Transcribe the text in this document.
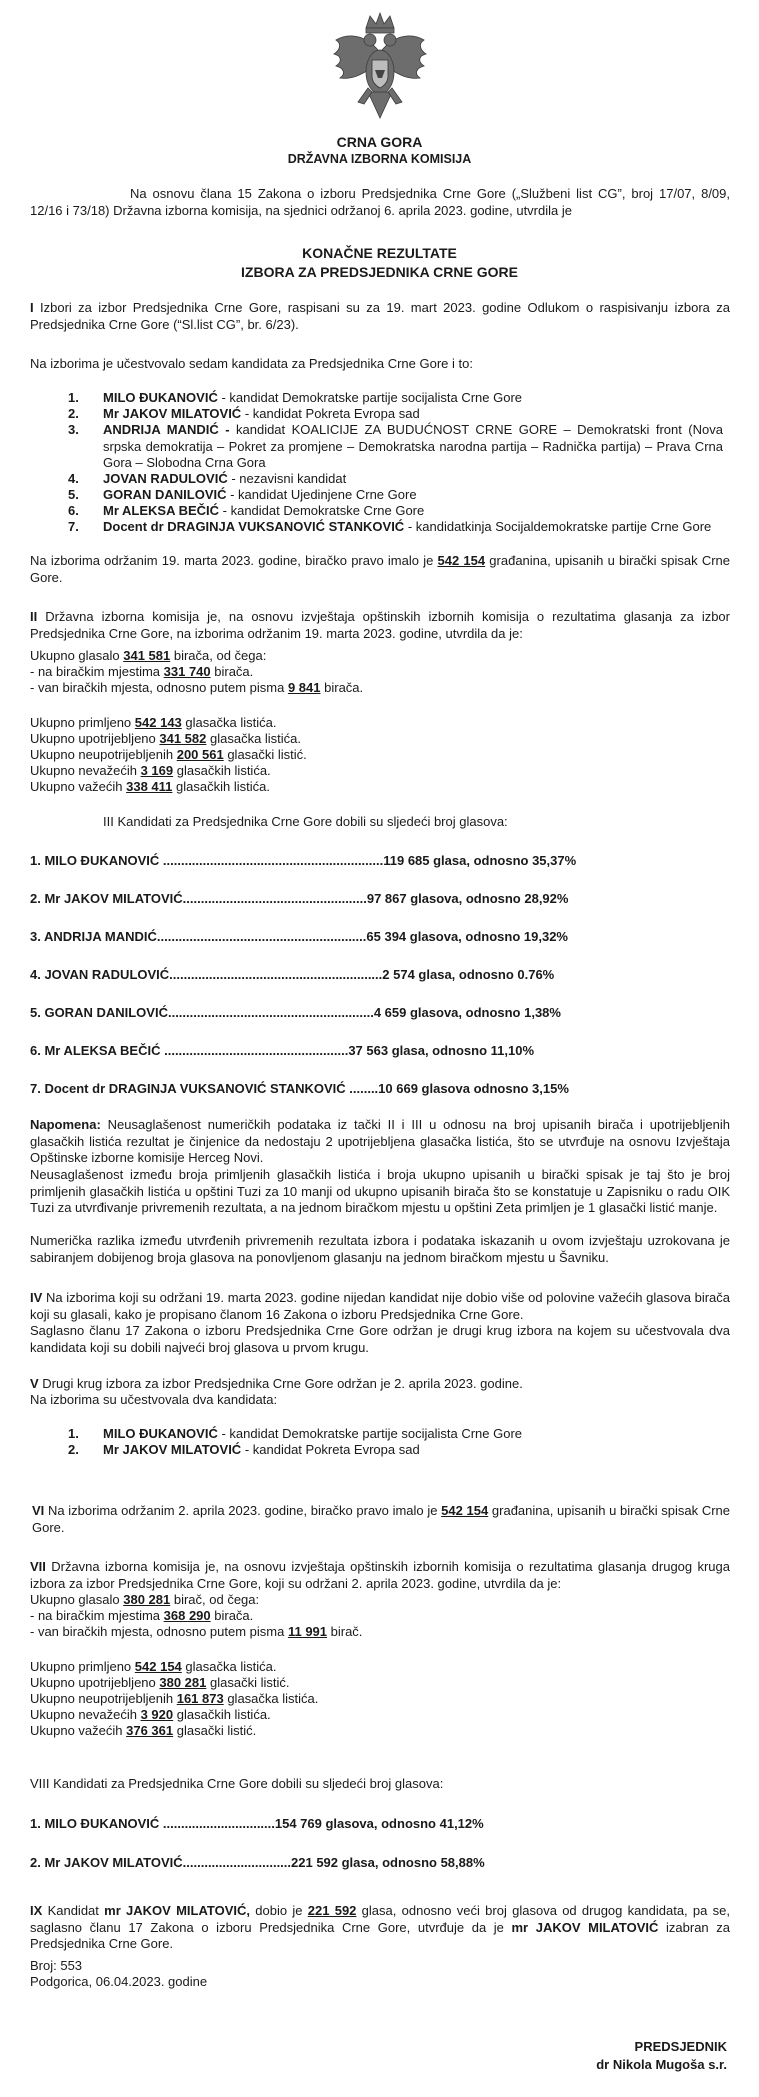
CRNA GORA
DRŽAVNA IZBORNA KOMISIJA
Na osnovu člana 15 Zakona o izboru Predsjednika Crne Gore („Službeni list CG”, broj 17/07, 8/09, 12/16 i 73/18) Državna izborna komisija, na sjednici održanoj 6. aprila 2023. godine, utvrdila je
KONAČNE REZULTATE
IZBORA ZA PREDSJEDNIKA CRNE GORE
I Izbori za izbor Predsjednika Crne Gore, raspisani su za 19. mart 2023. godine Odlukom o raspisivanju izbora za Predsjednika Crne Gore (“Sl.list CG”, br. 6/23).
Na izborima je učestvovalo sedam kandidata za Predsjednika Crne Gore i to:
1. MILO ĐUKANOVIĆ - kandidat Demokratske partije socijalista Crne Gore
2. Mr JAKOV MILATOVIĆ - kandidat Pokreta Evropa sad
3. ANDRIJA MANDIĆ - kandidat KOALICIJE ZA BUDUĆNOST CRNE GORE – Demokratski front (Nova srpska demokratija – Pokret za promjene – Demokratska narodna partija – Radnička partija) – Prava Crna Gora – Slobodna Crna Gora
4. JOVAN RADULOVIĆ - nezavisni kandidat
5. GORAN DANILOVIĆ - kandidat Ujedinjene Crne Gore
6. Mr ALEKSA BEČIĆ - kandidat Demokratske Crne Gore
7. Docent dr DRAGINJA VUKSANOVIĆ STANKOVIĆ - kandidatkinja Socijaldemokratske partije Crne Gore
Na izborima održanim 19. marta 2023. godine, biračko pravo imalo je 542 154 građanina, upisanih u birački spisak Crne Gore.
II Državna izborna komisija je, na osnovu izvještaja opštinskih izbornih komisija o rezultatima glasanja za izbor Predsjednika Crne Gore, na izborima održanim 19. marta 2023. godine, utvrdila da je:
Ukupno glasalo 341 581 birača, od čega:
- na biračkim mjestima 331 740 birača.
- van biračkih mjesta, odnosno putem pisma 9 841 birača.
Ukupno primljeno 542 143 glasačka listića.
Ukupno upotrijebljeno 341 582 glasačka listića.
Ukupno neupotrijebljenih 200 561 glasački listić.
Ukupno nevažećih 3 169 glasačkih listića.
Ukupno važećih 338 411 glasačkih listića.
III Kandidati za Predsjednika Crne Gore dobili su sljedeći broj glasova:
1. MILO ĐUKANOVIĆ .............................................................119 685 glasa, odnosno 35,37%
2. Mr JAKOV MILATOVIĆ...................................................97 867 glasova, odnosno 28,92%
3. ANDRIJA MANDIĆ..........................................................65 394 glasova, odnosno 19,32%
4. JOVAN RADULOVIĆ...........................................................2 574 glasa, odnosno 0.76%
5. GORAN DANILOVIĆ.........................................................4 659 glasova, odnosno 1,38%
6. Mr ALEKSA BEČIĆ ...................................................37 563 glasa, odnosno 11,10%
7. Docent dr DRAGINJA VUKSANOVIĆ STANKOVIĆ ........10 669 glasova odnosno 3,15%
Napomena: Neusaglašenost numeričkih podataka iz tački II i III u odnosu na broj upisanih birača i upotrijebljenih glasačkih listića rezultat je činjenice da nedostaju 2 upotrijebljena glasačka listića, što se utvrđuje na osnovu Izvještaja Opštinske izborne komisije Herceg Novi.
Neusaglašenost između broja primljenih glasačkih listića i broja ukupno upisanih u birački spisak je taj što je broj primljenih glasačkih listića u opštini Tuzi za 10 manji od ukupno upisanih birača što se konstatuje u Zapisniku o radu OIK Tuzi za utvrđivanje privremenih rezultata, a na jednom biračkom mjestu u opštini Zeta primljen je 1 glasački listić manje.
Numerička razlika između utvrđenih privremenih rezultata izbora i podataka iskazanih u ovom izvještaju uzrokovana je sabiranjem dobijenog broja glasova na ponovljenom glasanju na jednom biračkom mjestu u Šavniku.
IV Na izborima koji su održani 19. marta 2023. godine nijedan kandidat nije dobio više od polovine važećih glasova birača koji su glasali, kako je propisano članom 16 Zakona o izboru Predsjednika Crne Gore.
Saglasno članu 17 Zakona o izboru Predsjednika Crne Gore održan je drugi krug izbora na kojem su učestvovala dva kandidata koji su dobili najveći broj glasova u prvom krugu.
V Drugi krug izbora za izbor Predsjednika Crne Gore održan je 2. aprila 2023. godine.
Na izborima su učestvovala dva kandidata:
1. MILO ĐUKANOVIĆ - kandidat Demokratske partije socijalista Crne Gore
2. Mr JAKOV MILATOVIĆ - kandidat Pokreta Evropa sad
VI Na izborima održanim 2. aprila 2023. godine, biračko pravo imalo je 542 154 građanina, upisanih u birački spisak Crne Gore.
VII Državna izborna komisija je, na osnovu izvještaja opštinskih izbornih komisija o rezultatima glasanja drugog kruga izbora za izbor Predsjednika Crne Gore, koji su održani 2. aprila 2023. godine, utvrdila da je:
Ukupno glasalo 380 281 birač, od čega:
- na biračkim mjestima 368 290 birača.
- van biračkih mjesta, odnosno putem pisma 11 991 birač.
Ukupno primljeno 542 154 glasačka listića.
Ukupno upotrijebljeno 380 281 glasački listić.
Ukupno neupotrijebljenih 161 873 glasačka listića.
Ukupno nevažećih 3 920 glasačkih listića.
Ukupno važećih 376 361 glasački listić.
VIII Kandidati za Predsjednika Crne Gore dobili su sljedeći broj glasova:
1. MILO ĐUKANOVIĆ ...............................154 769 glasova, odnosno 41,12%
2. Mr JAKOV MILATOVIĆ..............................221 592 glasa, odnosno 58,88%
IX Kandidat mr JAKOV MILATOVIĆ, dobio je 221 592 glasa, odnosno veći broj glasova od drugog kandidata, pa se, saglasno članu 17 Zakona o izboru Predsjednika Crne Gore, utvrđuje da je mr JAKOV MILATOVIĆ izabran za Predsjednika Crne Gore.
Broj: 553
Podgorica, 06.04.2023. godine
PREDSJEDNIK
dr Nikola Mugoša s.r.
